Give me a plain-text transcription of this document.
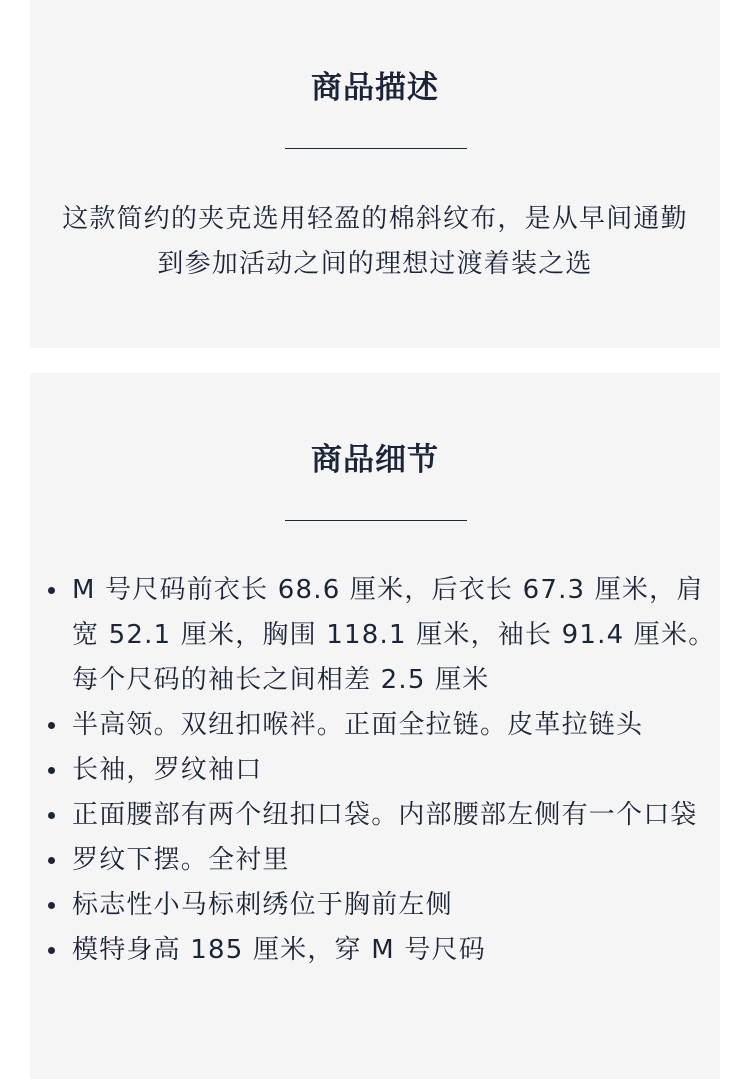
商品描述

这款简约的夹克选用轻盈的棉斜纹布，是从早间通勤到参加活动之间的理想过渡着装之选

商品细节
M 号尺码前衣长 68.6 厘米，后衣长 67.3 厘米，肩宽 52.1 厘米，胸围 118.1 厘米，袖长 91.4 厘米。每个尺码的袖长之间相差 2.5 厘米
半高领。双纽扣喉袢。正面全拉链。皮革拉链头
长袖，罗纹袖口
正面腰部有两个纽扣口袋。内部腰部左侧有一个口袋
罗纹下摆。全衬里
标志性小马标刺绣位于胸前左侧
模特身高 185 厘米，穿 M 号尺码
